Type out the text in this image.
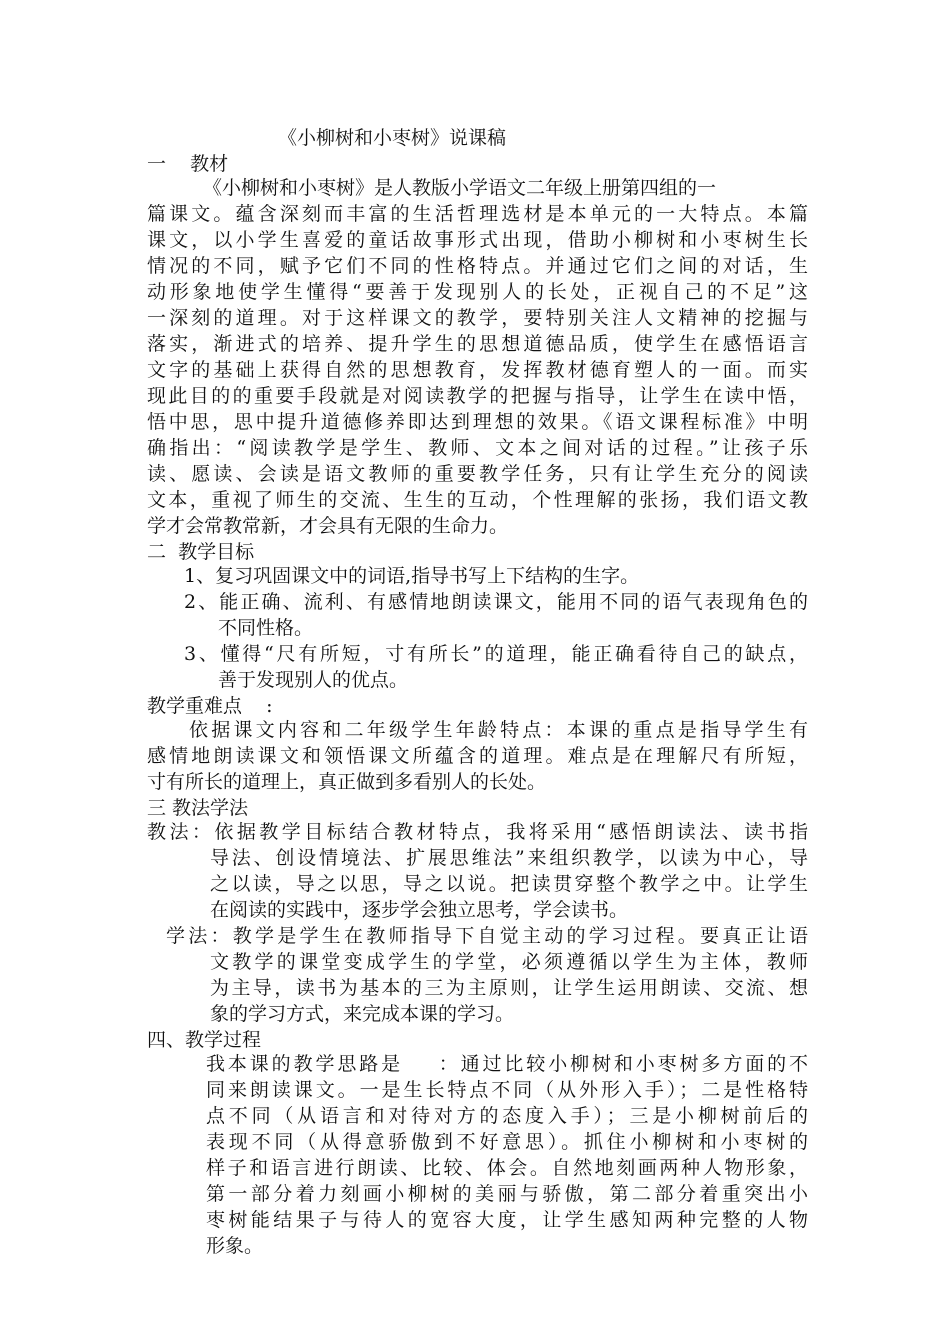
《小柳树和小枣树》说课稿
一    教材
《小柳树和小枣树》是人教版小学语文二年级上册第四组的一
篇课文。蕴含深刻而丰富的生活哲理选材是本单元的一大特点。本篇
课文，以小学生喜爱的童话故事形式出现，借助小柳树和小枣树生长
情况的不同，赋予它们不同的性格特点。并通过它们之间的对话，生
动形象地使学生懂得“要善于发现别人的长处，正视自己的不足”这
一深刻的道理。对于这样课文的教学，要特别关注人文精神的挖掘与
落实，渐进式的培养、提升学生的思想道德品质，使学生在感悟语言
文字的基础上获得自然的思想教育，发挥教材德育塑人的一面。而实
现此目的的重要手段就是对阅读教学的把握与指导，让学生在读中悟，
悟中思，思中提升道德修养即达到理想的效果。《语文课程标准》中明
确指出：“阅读教学是学生、教师、文本之间对话的过程。”让孩子乐
读、愿读、会读是语文教师的重要教学任务，只有让学生充分的阅读
文本，重视了师生的交流、生生的互动，个性理解的张扬，我们语文教
学才会常教常新，才会具有无限的生命力。
二  教学目标
1、复习巩固课文中的词语,指导书写上下结构的生字。
2、能正确、流利、有感情地朗读课文，能用不同的语气表现角色的
不同性格。
3、懂得“尺有所短，寸有所长”的道理，能正确看待自己的缺点，
善于发现别人的优点。
教学重难点    :
依据课文内容和二年级学生年龄特点：本课的重点是指导学生有
感情地朗读课文和领悟课文所蕴含的道理。难点是在理解尺有所短，
寸有所长的道理上，真正做到多看别人的长处。
三 教法学法
教法：依据教学目标结合教材特点，我将采用“感悟朗读法、读书指
导法、创设情境法、扩展思维法”来组织教学，以读为中心，导
之以读，导之以思，导之以说。把读贯穿整个教学之中。让学生
在阅读的实践中，逐步学会独立思考，学会读书。
学法：教学是学生在教师指导下自觉主动的学习过程。要真正让语
文教学的课堂变成学生的学堂，必须遵循以学生为主体，教师
为主导，读书为基本的三为主原则，让学生运用朗读、交流、想
象的学习方式，来完成本课的学习。
四、教学过程
我本课的教学思路是    ：通过比较小柳树和小枣树多方面的不
同来朗读课文。一是生长特点不同（从外形入手）；二是性格特
点不同（从语言和对待对方的态度入手）；三是小柳树前后的
表现不同（从得意骄傲到不好意思）。抓住小柳树和小枣树的
样子和语言进行朗读、比较、体会。自然地刻画两种人物形象，
第一部分着力刻画小柳树的美丽与骄傲，第二部分着重突出小
枣树能结果子与待人的宽容大度，让学生感知两种完整的人物
形象。
